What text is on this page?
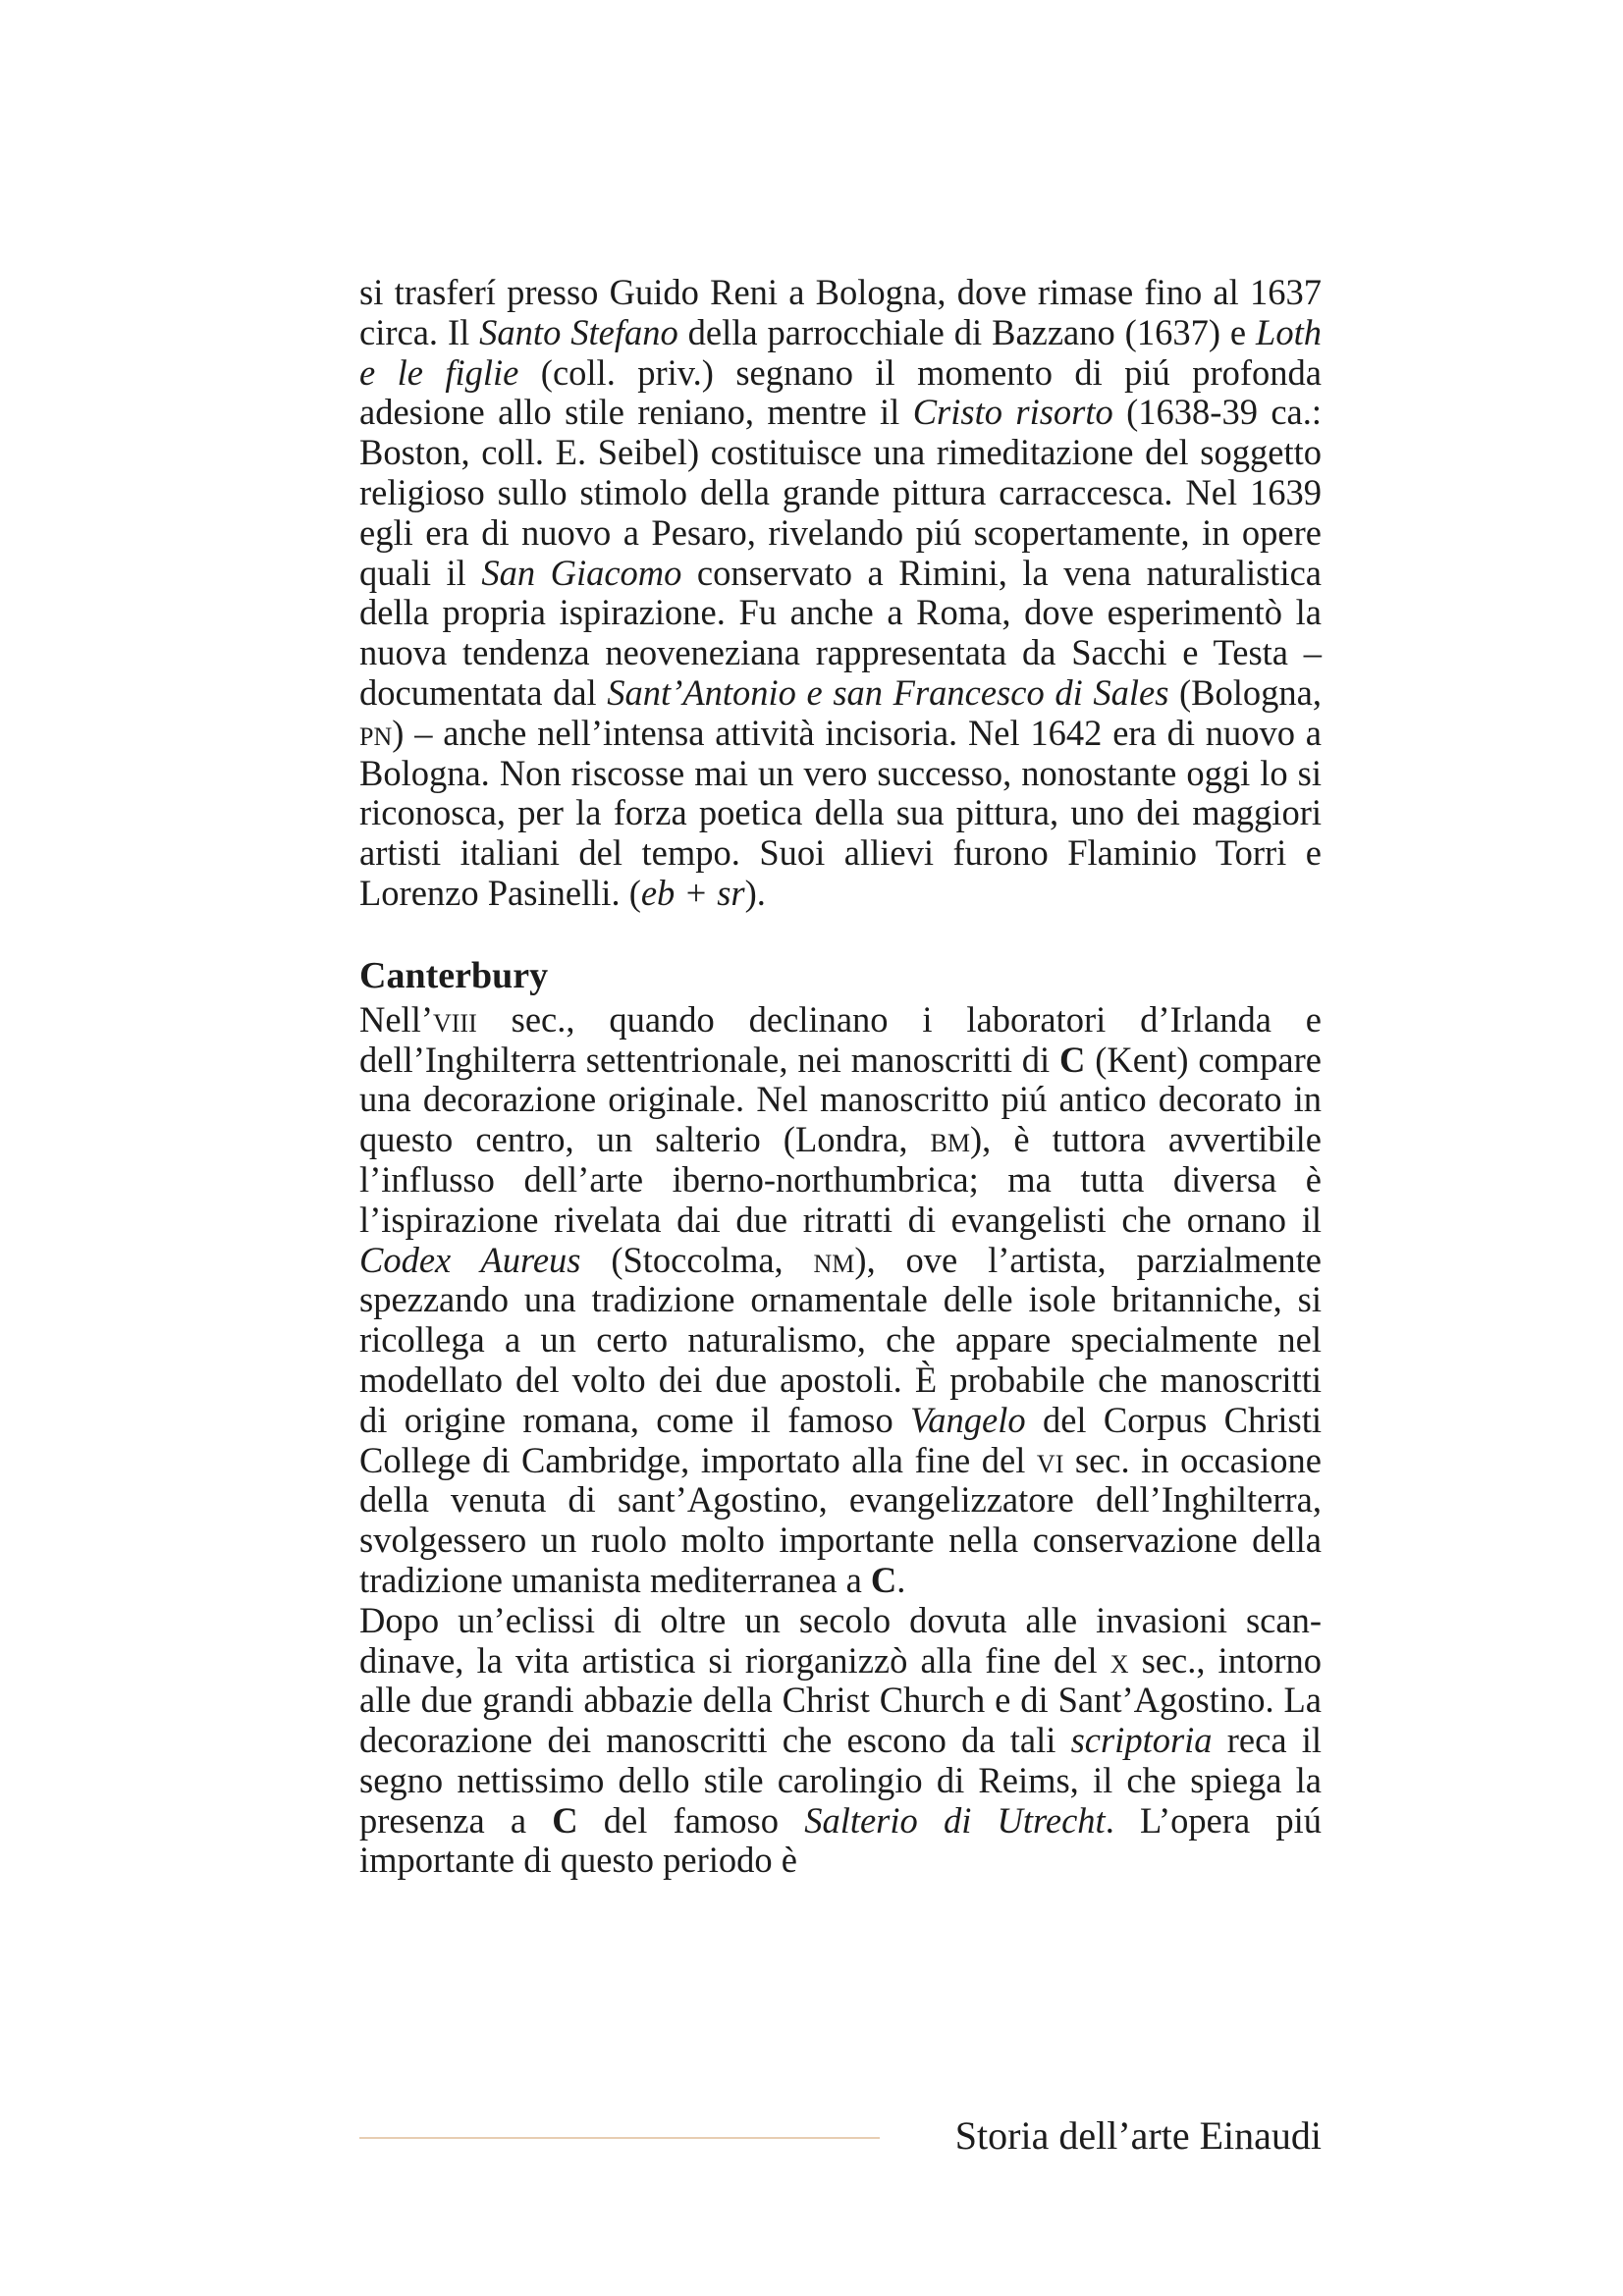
si trasferí presso Guido Reni a Bologna, dove rimase fino al 1637 circa. Il Santo Stefano della parrocchiale di Bazzano (1637) e Loth e le figlie (coll. priv.) segnano il momento di piú profonda adesione allo stile reniano, mentre il Cristo risorto (1638-39 ca.: Boston, coll. E. Seibel) costituisce una rimeditazione del soggetto religioso sullo stimolo della grande pittura carraccesca. Nel 1639 egli era di nuovo a Pesaro, rivelando piú scopertamente, in opere quali il San Giacomo conservato a Rimini, la vena naturalistica della propria ispirazione. Fu anche a Roma, dove esperimentò la nuova tendenza neoveneziana rappresentata da Sacchi e Testa – documentata dal Sant’Antonio e san Francesco di Sales (Bologna, pn) – anche nell’intensa attività incisoria. Nel 1642 era di nuovo a Bologna. Non riscosse mai un vero successo, nonostante oggi lo si riconosca, per la forza poetica della sua pittura, uno dei maggiori artisti italiani del tempo. Suoi allievi furono Flaminio Torri e Lorenzo Pasinelli. (eb + sr).

Canterbury

Nell’viii sec., quando declinano i laboratori d’Irlanda e dell’Inghilterra settentrionale, nei manoscritti di C (Kent) compare una decorazione originale. Nel manoscritto piú antico decorato in questo centro, un salterio (Londra, bm), è tuttora avvertibile l’influsso dell’arte iberno-northumbrica; ma tutta diversa è l’ispirazione rivelata dai due ritratti di evangelisti che ornano il Codex Aureus (Stoccolma, nm), ove l’artista, parzialmente spezzando una tradizione ornamentale delle isole britanniche, si ricollega a un certo naturalismo, che appare specialmente nel modellato del volto dei due apostoli. È probabile che manoscritti di origine romana, come il famoso Vangelo del Corpus Christi College di Cambridge, importato alla fine del vi sec. in occasione della venuta di sant’Agostino, evangelizzatore dell’Inghilterra, svolgessero un ruolo molto importante nella conservazione della tradizione umanista mediterranea a C.

Dopo un’eclissi di oltre un secolo dovuta alle invasioni scandinave, la vita artistica si riorganizzò alla fine del x sec., intorno alle due grandi abbazie della Christ Church e di Sant’Agostino. La decorazione dei manoscritti che escono da tali scriptoria reca il segno nettissimo dello stile carolingio di Reims, il che spiega la presenza a C del famoso Salterio di Utrecht. L’opera piú importante di questo periodo è

Storia dell’arte Einaudi
